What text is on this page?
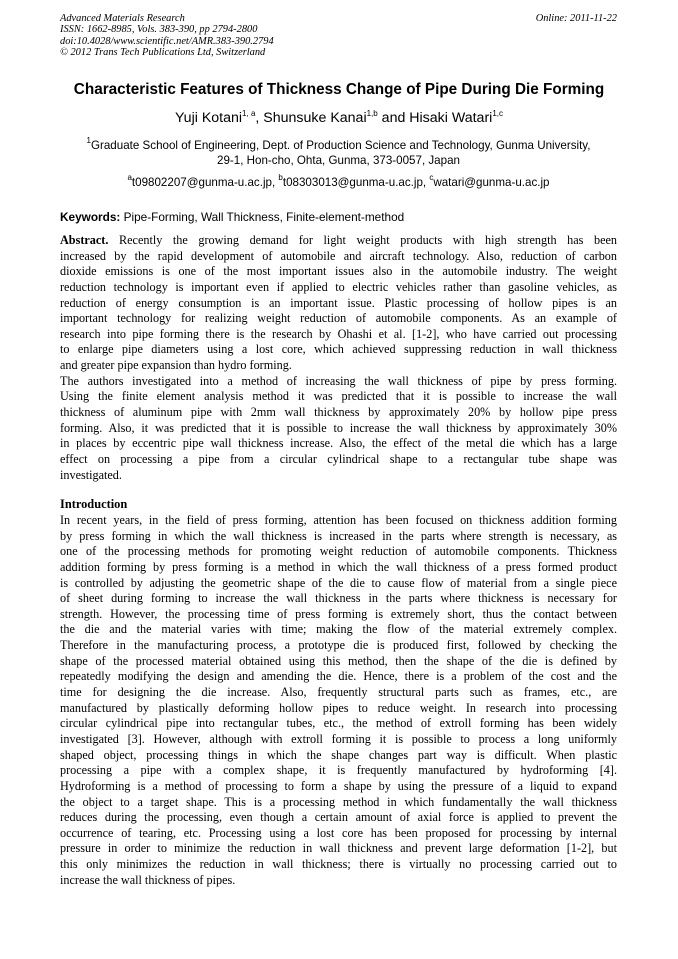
Advanced Materials Research
ISSN: 1662-8985, Vols. 383-390, pp 2794-2800
doi:10.4028/www.scientific.net/AMR.383-390.2794
© 2012 Trans Tech Publications Ltd, Switzerland
Online: 2011-11-22
Characteristic Features of Thickness Change of Pipe During Die Forming
Yuji Kotani$^{1, a}$, Shunsuke Kanai$^{1,b}$ and Hisaki Watari$^{1,c}$
$^1$Graduate School of Engineering, Dept. of Production Science and Technology, Gunma University,
29-1, Hon-cho, Ohta, Gunma, 373-0057, Japan
$^a$t09802207@gunma-u.ac.jp, $^b$t08303013@gunma-u.ac.jp, $^c$watari@gunma-u.ac.jp
Keywords: Pipe-Forming, Wall Thickness, Finite-element-method
Abstract. Recently the growing demand for light weight products with high strength has been
increased by the rapid development of automobile and aircraft technology. Also, reduction of carbon
dioxide emissions is one of the most important issues also in the automobile industry. The weight
reduction technology is important even if applied to electric vehicles rather than gasoline vehicles, as
reduction of energy consumption is an important issue. Plastic processing of hollow pipes is an
important technology for realizing weight reduction of automobile components. As an example of
research into pipe forming there is the research by Ohashi et al. [1-2], who have carried out processing
to enlarge pipe diameters using a lost core, which achieved suppressing reduction in wall thickness
and greater pipe expansion than hydro forming.
The authors investigated into a method of increasing the wall thickness of pipe by press forming.
Using the finite element analysis method it was predicted that it is possible to increase the wall
thickness of aluminum pipe with 2mm wall thickness by approximately 20% by hollow pipe press
forming. Also, it was predicted that it is possible to increase the wall thickness by approximately 30%
in places by eccentric pipe wall thickness increase. Also, the effect of the metal die which has a large
effect on processing a pipe from a circular cylindrical shape to a rectangular tube shape was
investigated.
Introduction
In recent years, in the field of press forming, attention has been focused on thickness addition forming
by press forming in which the wall thickness is increased in the parts where strength is necessary, as
one of the processing methods for promoting weight reduction of automobile components. Thickness
addition forming by press forming is a method in which the wall thickness of a press formed product
is controlled by adjusting the geometric shape of the die to cause flow of material from a single piece
of sheet during forming to increase the wall thickness in the parts where thickness is necessary for
strength. However, the processing time of press forming is extremely short, thus the contact between
the die and the material varies with time; making the flow of the material extremely complex.
Therefore in the manufacturing process, a prototype die is produced first, followed by checking the
shape of the processed material obtained using this method, then the shape of the die is defined by
repeatedly modifying the design and amending the die. Hence, there is a problem of the cost and the
time for designing the die increase. Also, frequently structural parts such as frames, etc., are
manufactured by plastically deforming hollow pipes to reduce weight. In research into processing
circular cylindrical pipe into rectangular tubes, etc., the method of extroll forming has been widely
investigated [3]. However, although with extroll forming it is possible to process a long uniformly
shaped object, processing things in which the shape changes part way is difficult. When plastic
processing a pipe with a complex shape, it is frequently manufactured by hydroforming [4].
Hydroforming is a method of processing to form a shape by using the pressure of a liquid to expand
the object to a target shape. This is a processing method in which fundamentally the wall thickness
reduces during the processing, even though a certain amount of axial force is applied to prevent the
occurrence of tearing, etc. Processing using a lost core has been proposed for processing by internal
pressure in order to minimize the reduction in wall thickness and prevent large deformation [1-2], but
this only minimizes the reduction in wall thickness; there is virtually no processing carried out to
increase the wall thickness of pipes.
